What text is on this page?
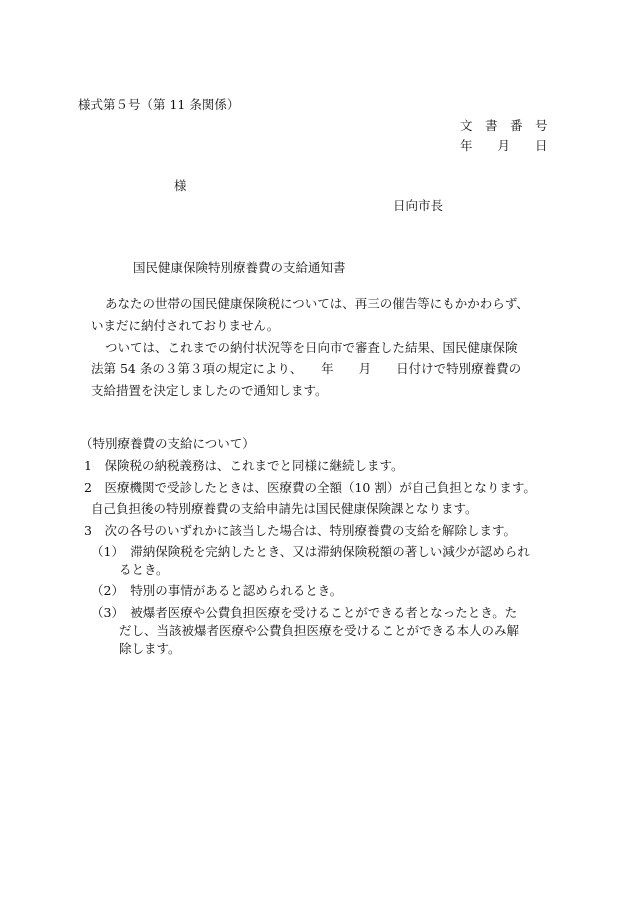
様式第５号（第 11 条関係）
文　書　番　号
年　　月　　日
様
日向市長
国民健康保険特別療養費の支給通知書
あなたの世帯の国民健康保険税については、再三の催告等にもかかわらず、
いまだに納付されておりません。
ついては、これまでの納付状況等を日向市で審査した結果、国民健康保険
法第 54 条の３第３項の規定により、　　年　　月　　日付けで特別療養費の
支給措置を決定しましたので通知します。
（特別療養費の支給について）
1　保険税の納税義務は、これまでと同様に継続します。
2　医療機関で受診したときは、医療費の全額（10 割）が自己負担となります。
自己負担後の特別療養費の支給申請先は国民健康保険課となります。
3　次の各号のいずれかに該当した場合は、特別療養費の支給を解除します。
（1）　滞納保険税を完納したとき、又は滞納保険税額の著しい減少が認められ
るとき。
（2）　特別の事情があると認められるとき。
（3）　被爆者医療や公費負担医療を受けることができる者となったとき。た
だし、当該被爆者医療や公費負担医療を受けることができる本人のみ解
除します。
